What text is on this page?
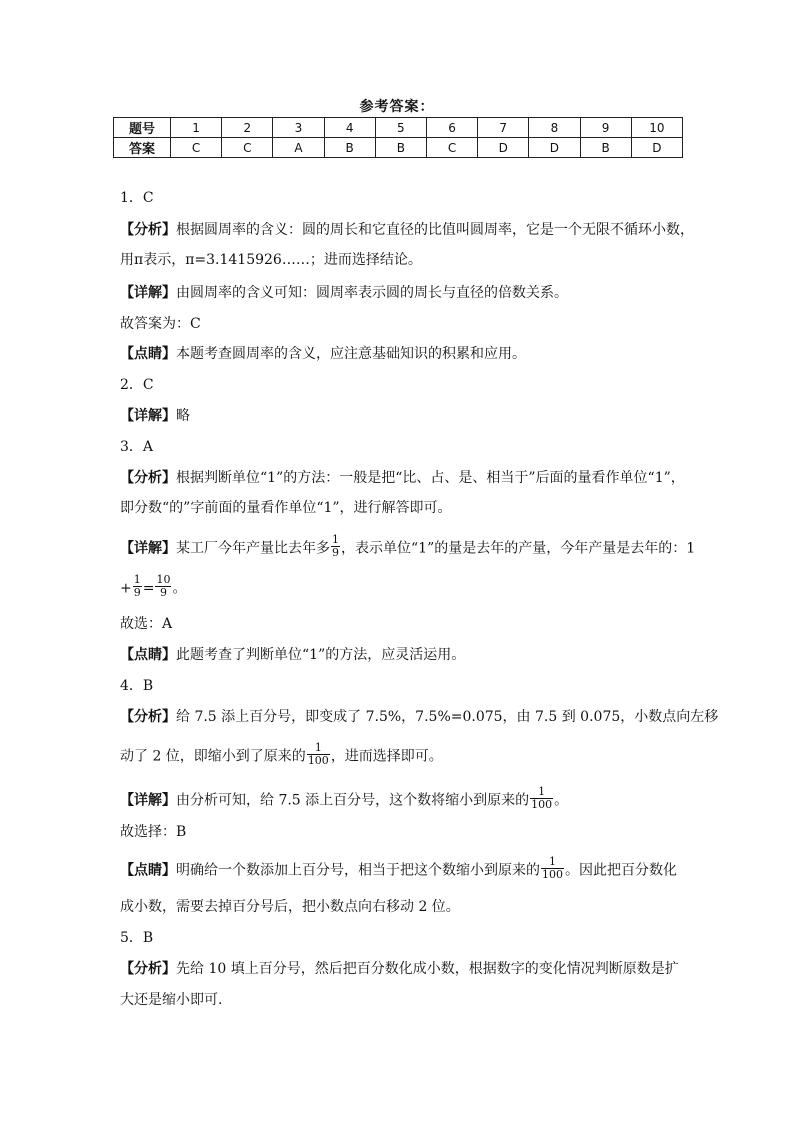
参考答案：
题号	1	2	3	4	5	6	7	8	9	10
答案	C	C	A	B	B	C	D	D	B	D
1．C
【分析】根据圆周率的含义：圆的周长和它直径的比值叫圆周率，它是一个无限不循环小数，
用π表示，π=3.1415926……；进而选择结论。
【详解】由圆周率的含义可知：圆周率表示圆的周长与直径的倍数关系。
故答案为：C
【点睛】本题考查圆周率的含义，应注意基础知识的积累和应用。
2．C
【详解】略
3．A
【分析】根据判断单位“1”的方法：一般是把“比、占、是、相当于”后面的量看作单位“1”，
即分数“的”字前面的量看作单位“1”，进行解答即可。
【详解】某工厂今年产量比去年多 $\frac{1}{9}$ ，表示单位“1”的量是去年的产量，今年产量是去年的：1
+ $\frac{1}{9} = \frac{10}{9}$ 。
故选：A
【点睛】此题考查了判断单位“1”的方法，应灵活运用。
4．B
【分析】给 7.5 添上百分号，即变成了 7.5%，7.5%=0.075，由 7.5 到 0.075，小数点向左移
动了 2 位，即缩小到了原来的 $\frac{1}{100}$ ，进而选择即可。
【详解】由分析可知，给 7.5 添上百分号，这个数将缩小到原来的 $\frac{1}{100}$ 。
故选择：B
【点睛】明确给一个数添加上百分号，相当于把这个数缩小到原来的 $\frac{1}{100}$ 。因此把百分数化
成小数，需要去掉百分号后，把小数点向右移动 2 位。
5．B
【分析】先给 10 填上百分号，然后把百分数化成小数，根据数字的变化情况判断原数是扩
大还是缩小即可.
